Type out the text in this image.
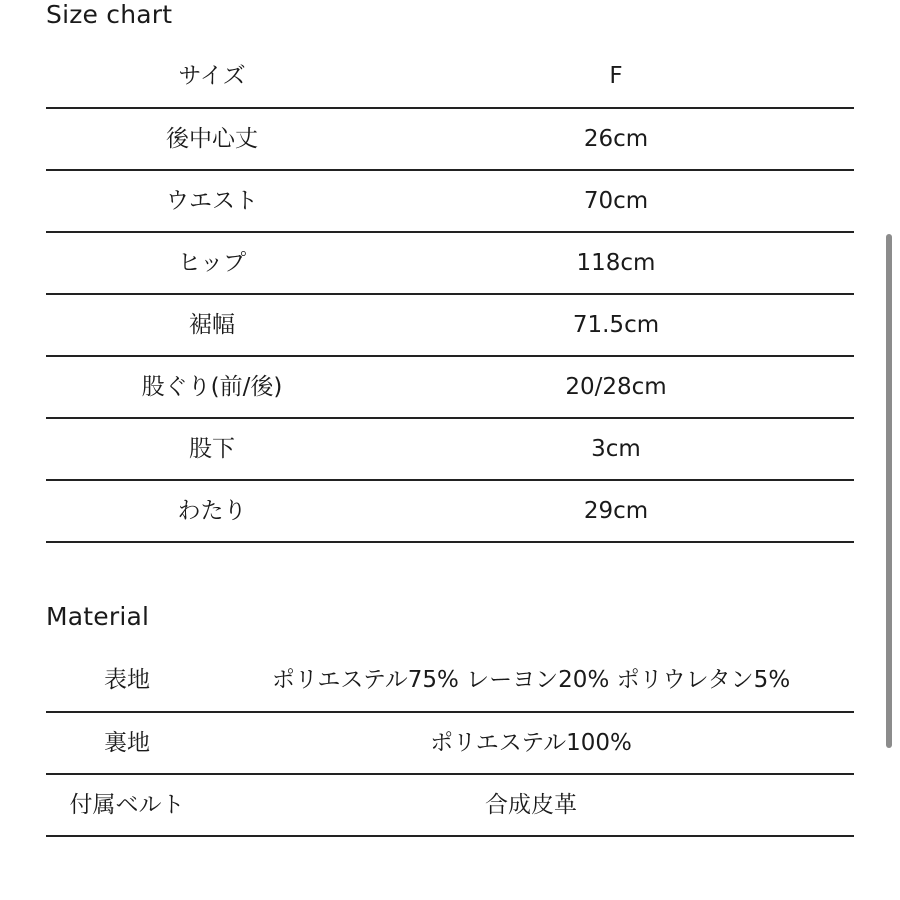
Size chart
サイズ	F
後中心丈	26cm
ウエスト	70cm
ヒップ	118cm
裾幅	71.5cm
股ぐり(前/後)	20/28cm
股下	3cm
わたり	29cm
Material
表地	ポリエステル75% レーヨン20% ポリウレタン5%
裏地	ポリエステル100%
付属ベルト	合成皮革
